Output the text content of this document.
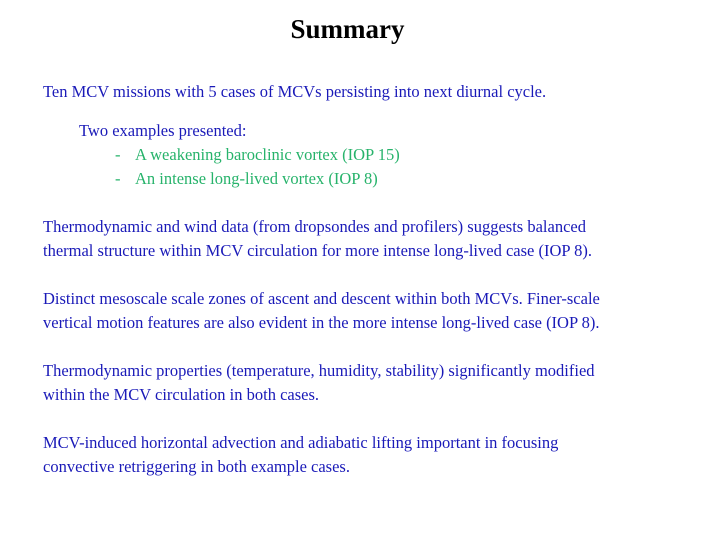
Summary

Ten MCV missions with 5 cases of MCVs persisting into next diurnal cycle.

Two examples presented:
- A weakening baroclinic vortex (IOP 15)
- An intense long-lived vortex (IOP 8)
Thermodynamic and wind data (from dropsondes and profilers) suggests balanced
thermal structure within MCV circulation for more intense long-lived case (IOP 8).
Distinct mesoscale scale zones of ascent and descent within both MCVs. Finer-scale
vertical motion features are also evident in the more intense long-lived case (IOP 8).
Thermodynamic properties (temperature, humidity, stability) significantly modified
within the MCV circulation in both cases.
MCV-induced horizontal advection and adiabatic lifting important in focusing
convective retriggering in both example cases.
